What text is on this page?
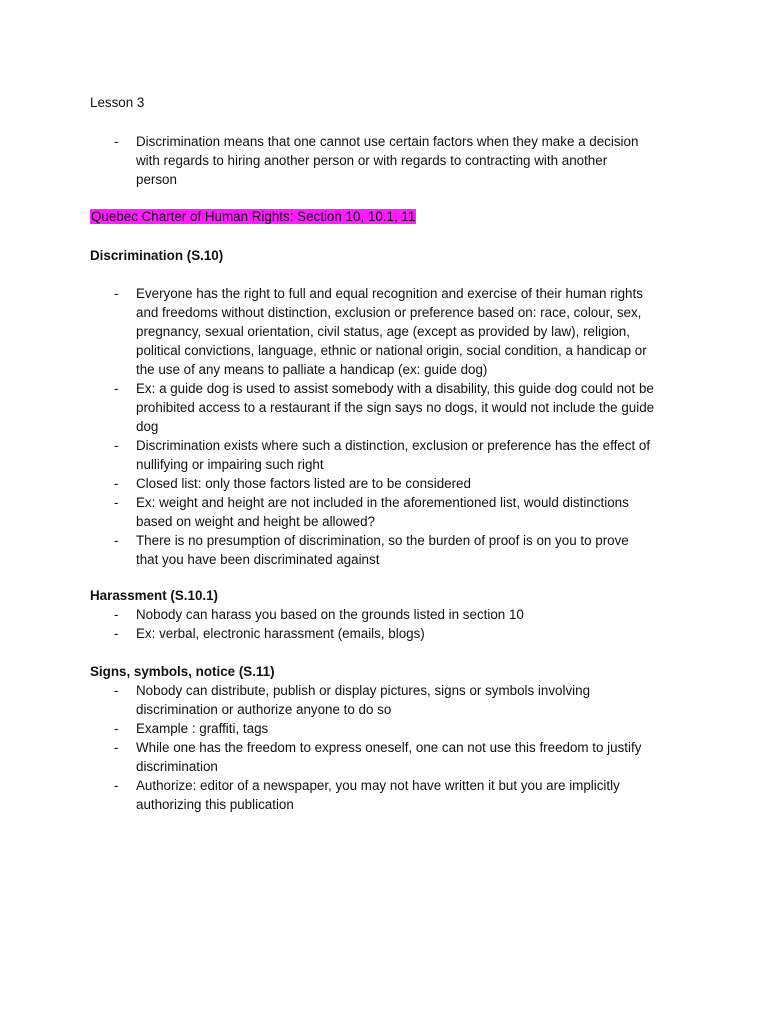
Lesson 3

- Discrimination means that one cannot use certain factors when they make a decision
with regards to hiring another person or with regards to contracting with another
person

Quebec Charter of Human Rights: Section 10, 10.1, 11

Discrimination (S.10)

- Everyone has the right to full and equal recognition and exercise of their human rights
and freedoms without distinction, exclusion or preference based on: race, colour, sex,
pregnancy, sexual orientation, civil status, age (except as provided by law), religion,
political convictions, language, ethnic or national origin, social condition, a handicap or
the use of any means to palliate a handicap (ex: guide dog)
- Ex: a guide dog is used to assist somebody with a disability, this guide dog could not be
prohibited access to a restaurant if the sign says no dogs, it would not include the guide
dog
- Discrimination exists where such a distinction, exclusion or preference has the effect of
nullifying or impairing such right
- Closed list: only those factors listed are to be considered
- Ex: weight and height are not included in the aforementioned list, would distinctions
based on weight and height be allowed?
- There is no presumption of discrimination, so the burden of proof is on you to prove
that you have been discriminated against

Harassment (S.10.1)

- Nobody can harass you based on the grounds listed in section 10
- Ex: verbal, electronic harassment (emails, blogs)

Signs, symbols, notice (S.11)

- Nobody can distribute, publish or display pictures, signs or symbols involving
discrimination or authorize anyone to do so
- Example : graffiti, tags
- While one has the freedom to express oneself, one can not use this freedom to justify
discrimination
- Authorize: editor of a newspaper, you may not have written it but you are implicitly
authorizing this publication
